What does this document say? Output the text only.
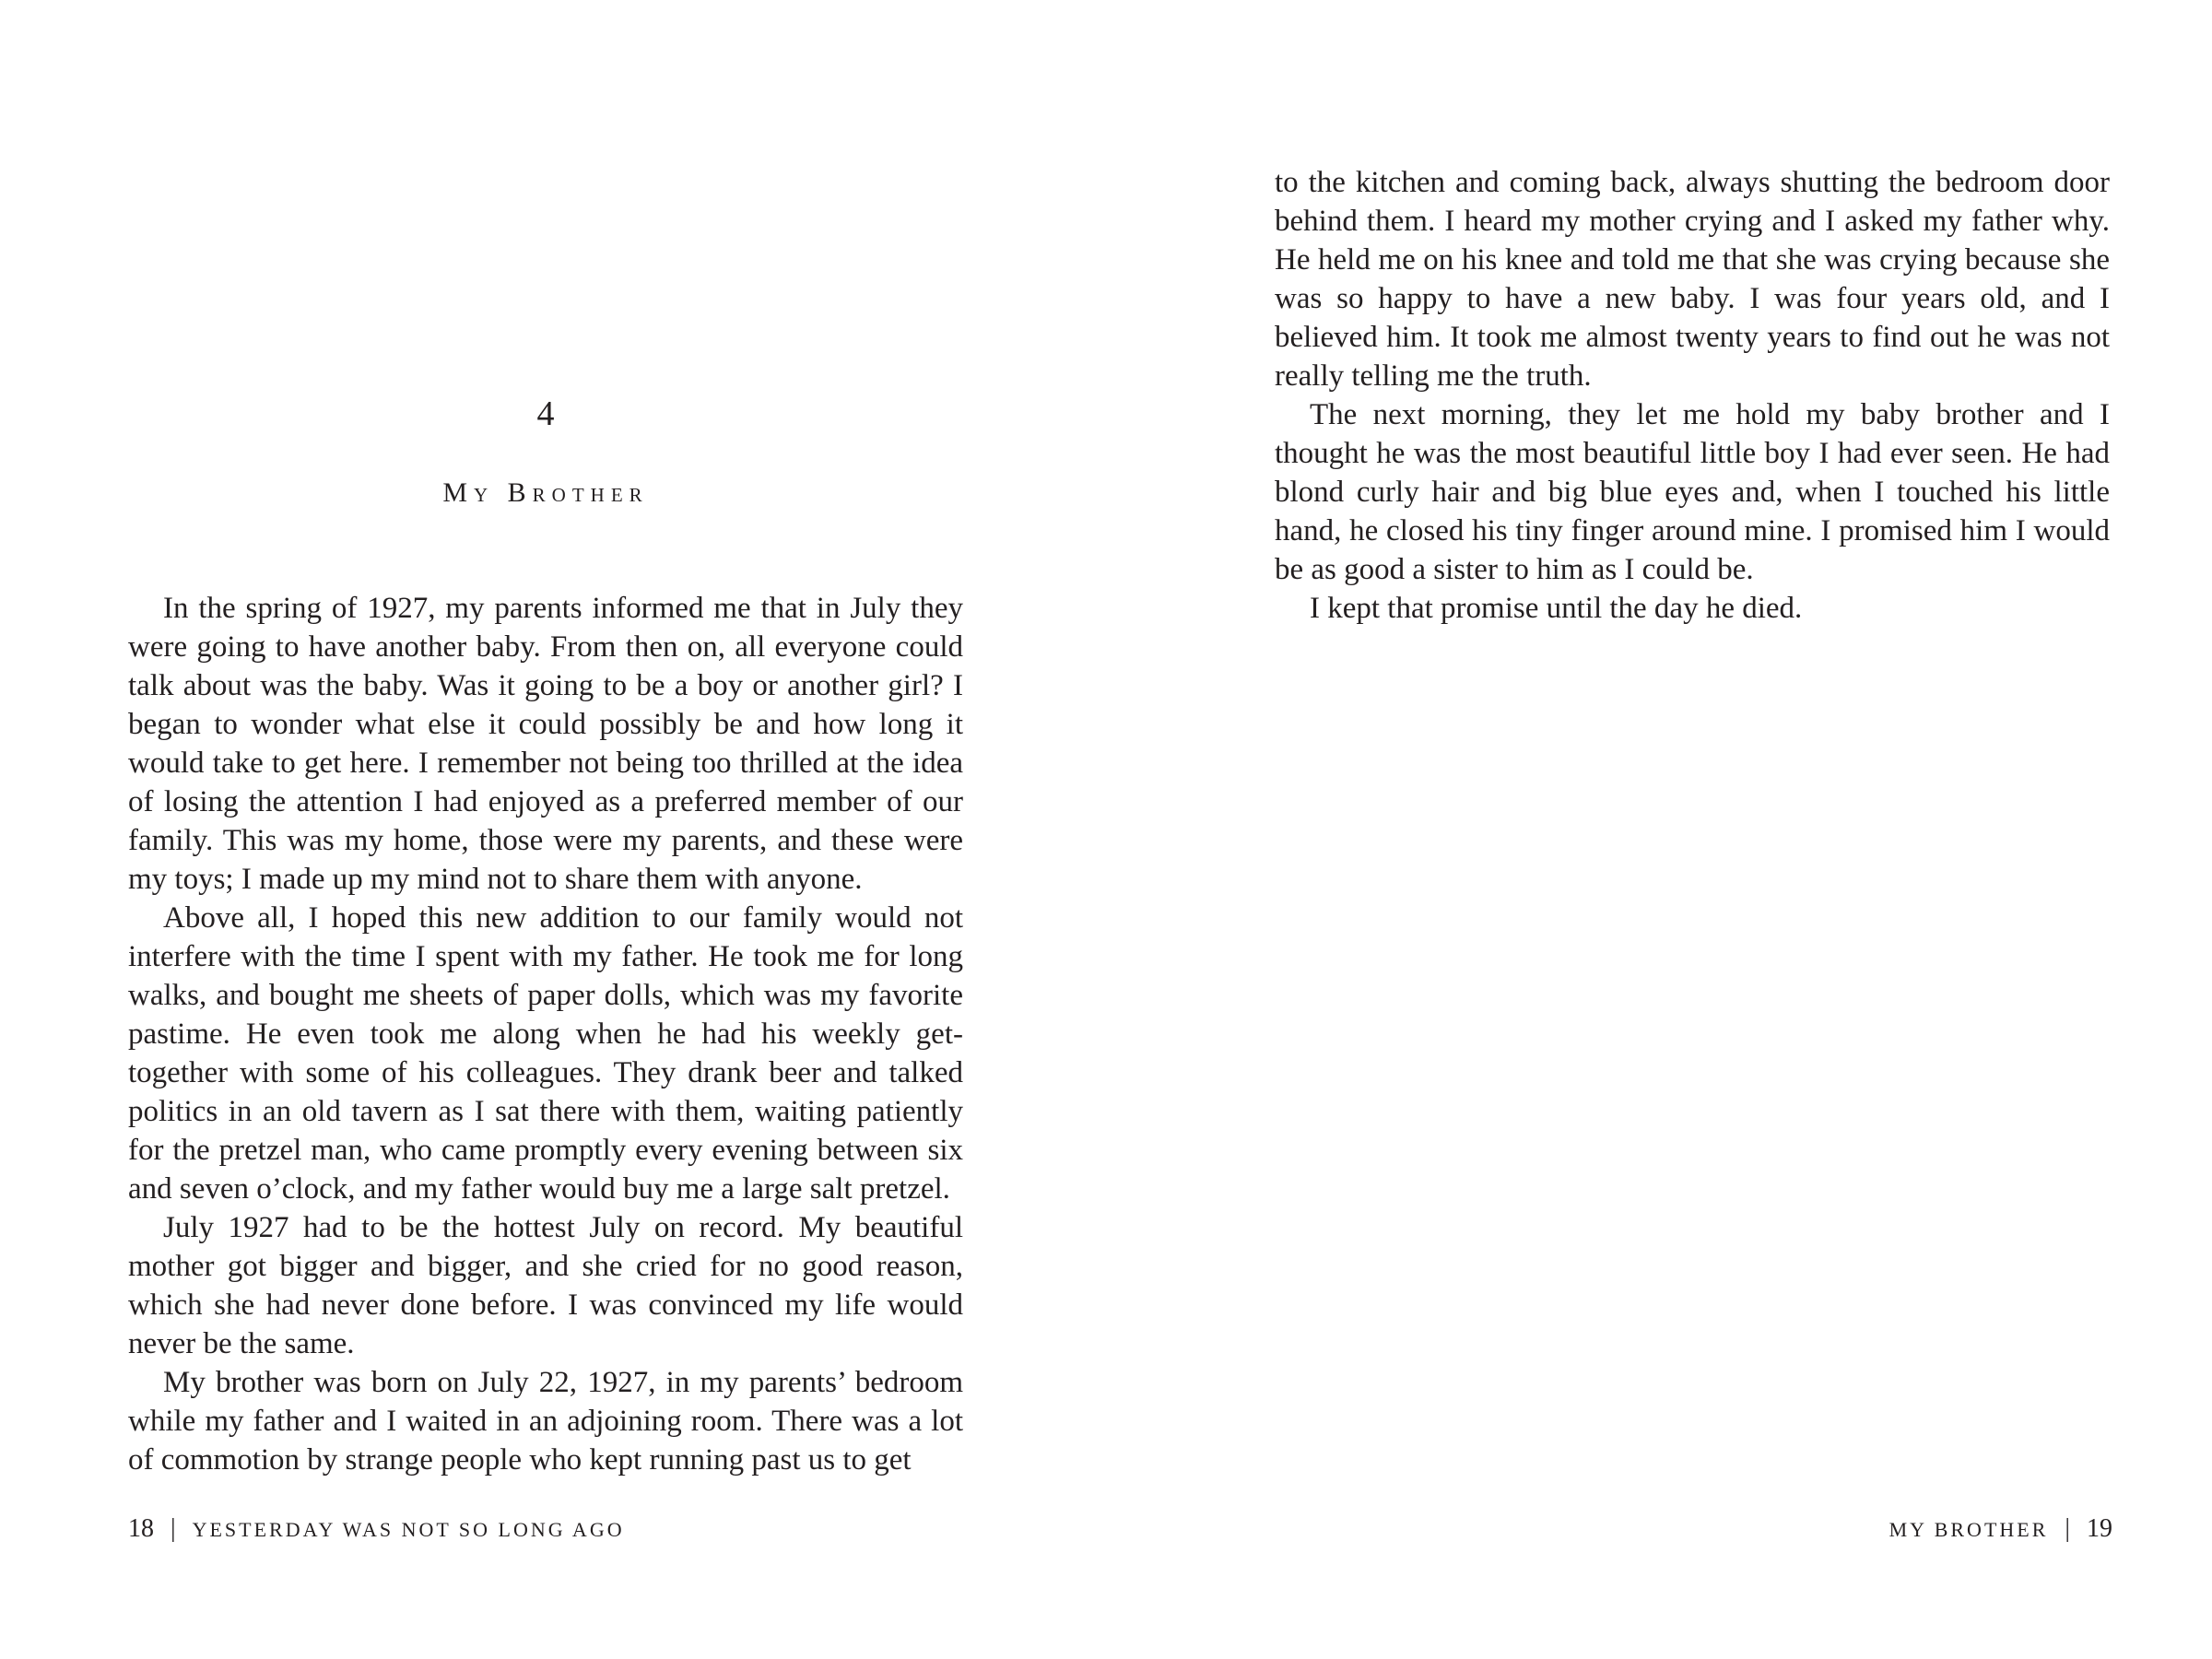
4
My Brother

In the spring of 1927, my parents informed me that in July they were going to have another baby. From then on, all everyone could talk about was the baby. Was it going to be a boy or another girl? I began to wonder what else it could possibly be and how long it would take to get here. I remember not being too thrilled at the idea of losing the attention I had enjoyed as a preferred member of our family. This was my home, those were my parents, and these were my toys; I made up my mind not to share them with anyone.

Above all, I hoped this new addition to our family would not interfere with the time I spent with my father. He took me for long walks, and bought me sheets of paper dolls, which was my favorite pastime. He even took me along when he had his weekly get-together with some of his colleagues. They drank beer and talked politics in an old tavern as I sat there with them, waiting patiently for the pretzel man, who came promptly every evening between six and seven o’clock, and my father would buy me a large salt pretzel.

July 1927 had to be the hottest July on record. My beautiful mother got bigger and bigger, and she cried for no good reason, which she had never done before. I was convinced my life would never be the same.

My brother was born on July 22, 1927, in my parents’ bedroom while my father and I waited in an adjoining room. There was a lot of commotion by strange people who kept running past us to get

18 | YESTERDAY WAS NOT SO LONG AGO

to the kitchen and coming back, always shutting the bedroom door behind them. I heard my mother crying and I asked my father why. He held me on his knee and told me that she was crying because she was so happy to have a new baby. I was four years old, and I believed him. It took me almost twenty years to find out he was not really telling me the truth.

The next morning, they let me hold my baby brother and I thought he was the most beautiful little boy I had ever seen. He had blond curly hair and big blue eyes and, when I touched his little hand, he closed his tiny finger around mine. I promised him I would be as good a sister to him as I could be.

I kept that promise until the day he died.

MY BROTHER | 19
